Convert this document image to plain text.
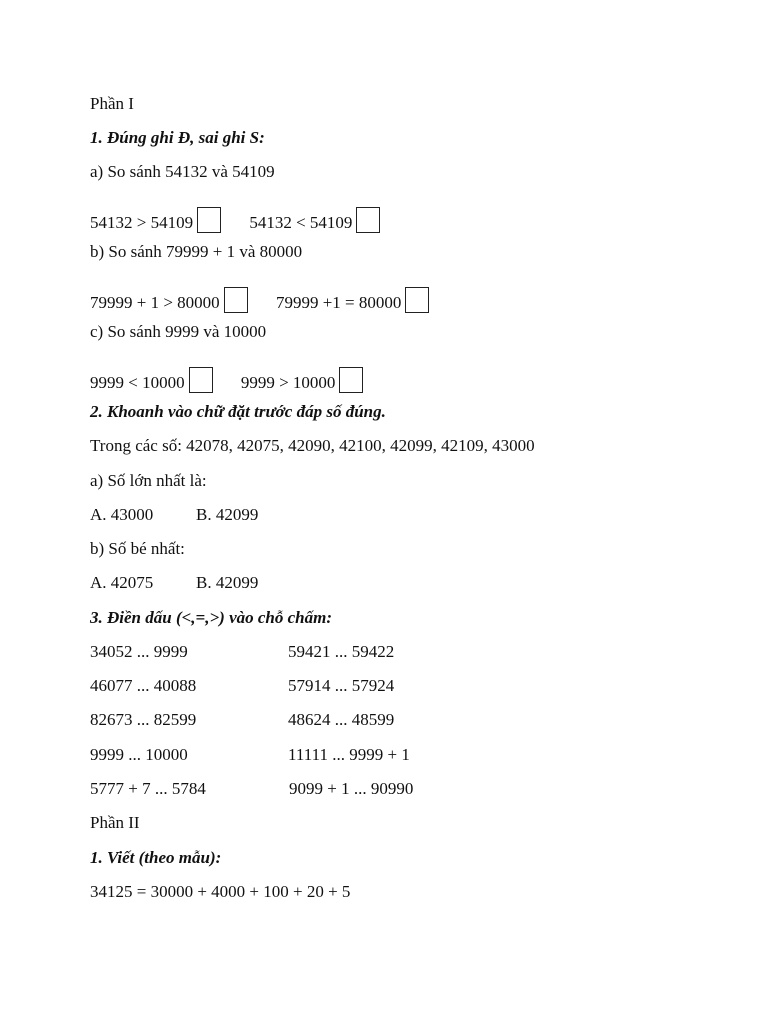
Phần I
1. Đúng ghi Đ, sai ghi S:
a) So sánh 54132 và 54109
54132 > 54109	54132 < 54109
b) So sánh 79999 + 1 và 80000
79999 + 1 > 80000	79999 +1 = 80000
c) So sánh 9999 và 10000
9999 < 10000	9999 > 10000
2. Khoanh vào chữ đặt trước đáp số đúng.
Trong các số: 42078, 42075, 42090, 42100, 42099, 42109, 43000
a) Số lớn nhất là:
A. 43000	B. 42099
b) Số bé nhất:
A. 42075	B. 42099
3. Điền dấu (<,=,>) vào chỗ chấm:
34052 ... 9999	59421 ... 59422
46077 ... 40088	57914 ... 57924
82673 ... 82599	48624 ... 48599
9999 ... 10000	11111 ... 9999 + 1
5777 + 7 ... 5784	9099 + 1 ... 90990
Phần II
1. Viết (theo mẫu):
34125 = 30000 + 4000 + 100 + 20 + 5
